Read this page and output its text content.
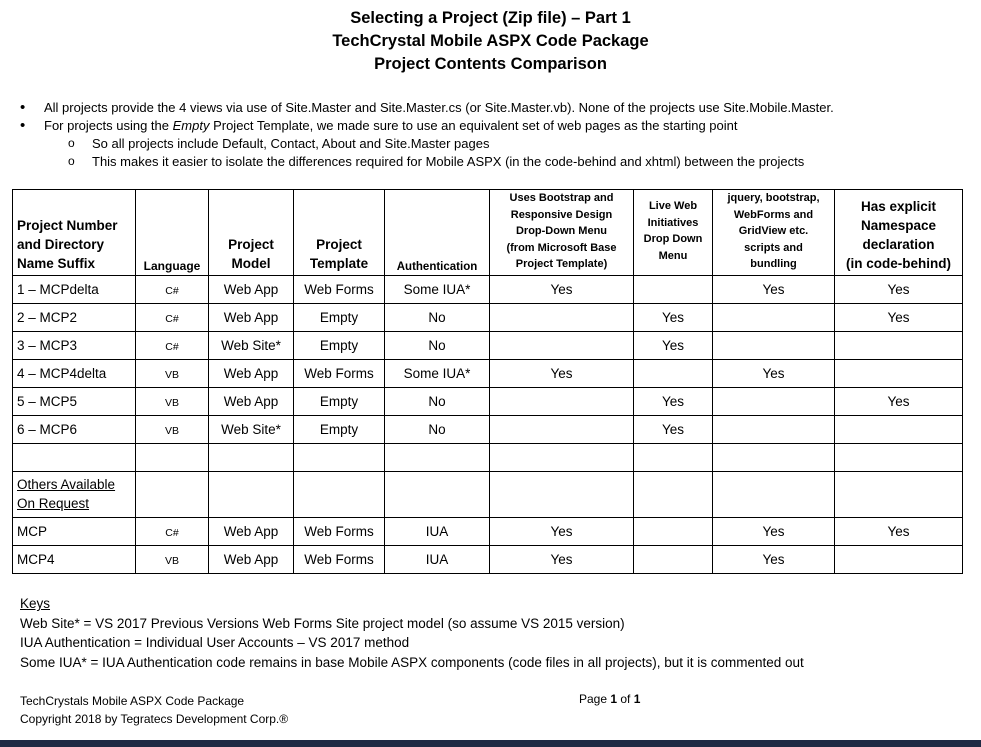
Selecting a Project (Zip file) – Part 1
TechCrystal Mobile ASPX Code Package
Project Contents Comparison
• All projects provide the 4 views via use of Site.Master and Site.Master.cs (or Site.Master.vb). None of the projects use Site.Mobile.Master.
• For projects using the Empty Project Template, we made sure to use an equivalent set of web pages as the starting point
o So all projects include Default, Contact, About and Site.Master pages
o This makes it easier to isolate the differences required for Mobile ASPX (in the code-behind and xhtml) between the projects
Project Number
and Directory
Name Suffix	Language	Project
Model	Project
Template	Authentication	Uses Bootstrap and
Responsive Design
Drop-Down Menu
(from Microsoft Base
Project Template)	Live Web
Initiatives
Drop Down
Menu	jquery, bootstrap,
WebForms and
GridView etc.
scripts and
bundling	Has explicit
Namespace
declaration
(in code-behind)
1 – MCPdelta	C#	Web App	Web Forms	Some IUA*	Yes		Yes	Yes
2 – MCP2	C#	Web App	Empty	No		Yes		Yes
3 – MCP3	C#	Web Site*	Empty	No		Yes		
4 – MCP4delta	VB	Web App	Web Forms	Some IUA*	Yes		Yes	
5 – MCP5	VB	Web App	Empty	No		Yes		Yes
6 – MCP6	VB	Web Site*	Empty	No		Yes		

Others Available
On Request								
MCP	C#	Web App	Web Forms	IUA	Yes		Yes	Yes
MCP4	VB	Web App	Web Forms	IUA	Yes		Yes	
Keys
Web Site* = VS 2017 Previous Versions Web Forms Site project model (so assume VS 2015 version)
IUA Authentication = Individual User Accounts – VS 2017 method
Some IUA* = IUA Authentication code remains in base Mobile ASPX components (code files in all projects), but it is commented out
TechCrystals Mobile ASPX Code Package
Copyright 2018 by Tegratecs Development Corp.®
Page 1 of 1
